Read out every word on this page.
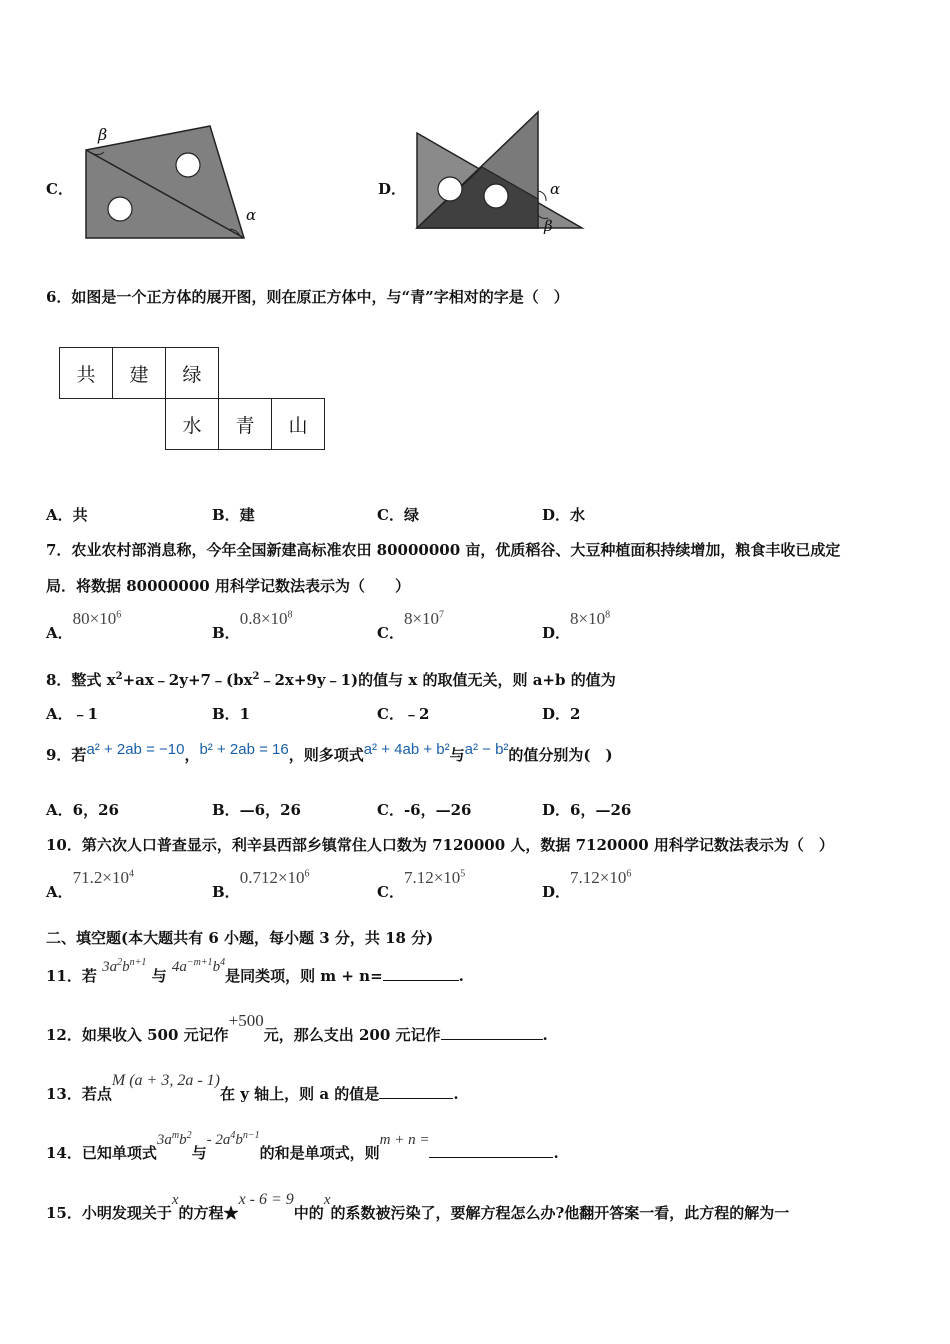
C．
β
α
D．	α
β
6．如图是一个正方体的展开图，则在原正方体中，与“青”字相对的字是（　）
共	建	绿		
		水	青	山
A．共	B．建	C．绿	D．水
7．农业农村部消息称，今年全国新建高标准农田 80000000 亩，优质稻谷、大豆种植面积持续增加，粮食丰收已成定
局．将数据 80000000 用科学记数法表示为（　　）
A．$80\times 10^6$
B．$0.8\times 10^8$
C．$8\times 10^7$
D．$8\times 10^8$
8．整式 $x^2+ax﹣2y+7﹣(bx^2﹣2x+9y﹣1)$的值与 x 的取值无关，则 a+b 的值为
A．﹣1	B．1	C．﹣2	D．2
9．若a² + 2ab = −10，b² + 2ab = 16，则多项式a² + 4ab + b²与a² − b²的值分别为(　)
A．6，26	B．—6，26	C．-6，—26	D．6，—26
10．第六次人口普查显示，利辛县西部乡镇常住人口数为 7120000 人，数据 7120000 用科学记数法表示为（　）
A．$71.2\times 10^4$
B．$0.712\times 10^6$
C．$7.12\times 10^5$
D．$7.12\times 10^6$
二、填空题(本大题共有 6 小题，每小题 3 分，共 18 分)
11．若 $3a^2b^{n+1}$ 与 $4a^{-m+1}b^4$是同类项，则 m + n=	.
12．如果收入 500 元记作+500元，那么支出 200 元记作	.
13．若点M (a + 3, 2a - 1)在 y 轴上，则 a 的值是	.
14．已知单项式$3a^mb^2$与- $2a^4b^{n-1}$的和是单项式，则m + n =.
15．小明发现关于x的方程★x - 6 = 9中的x的系数被污染了，要解方程怎么办?他翻开答案一看，此方程的解为一
